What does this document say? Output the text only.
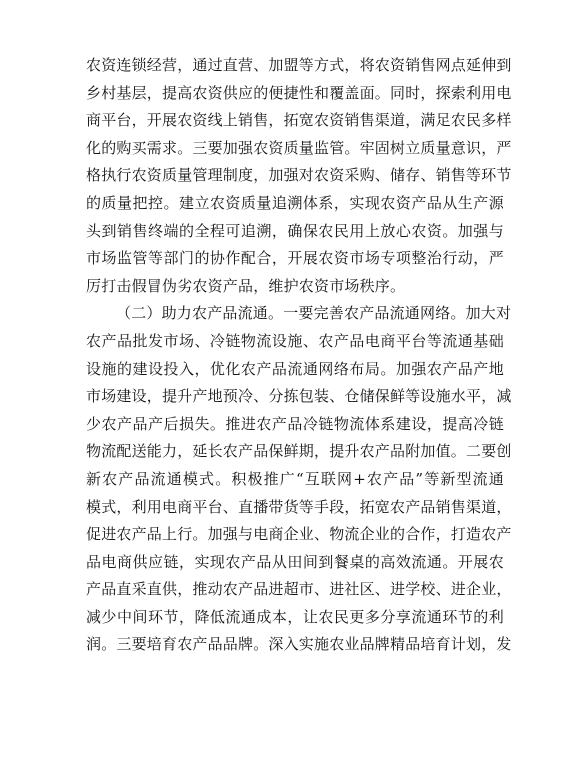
农资连锁经营，通过直营、加盟等方式，将农资销售网点延伸到
乡村基层，提高农资供应的便捷性和覆盖面。同时，探索利用电
商平台，开展农资线上销售，拓宽农资销售渠道，满足农民多样
化的购买需求。三要加强农资质量监管。牢固树立质量意识，严
格执行农资质量管理制度，加强对农资采购、储存、销售等环节
的质量把控。建立农资质量追溯体系，实现农资产品从生产源
头到销售终端的全程可追溯，确保农民用上放心农资。加强与
市场监管等部门的协作配合，开展农资市场专项整治行动，严
厉打击假冒伪劣农资产品，维护农资市场秩序。
（二）助力农产品流通。一要完善农产品流通网络。加大对
农产品批发市场、冷链物流设施、农产品电商平台等流通基础
设施的建设投入，优化农产品流通网络布局。加强农产品产地
市场建设，提升产地预冷、分拣包装、仓储保鲜等设施水平，减
少农产品产后损失。推进农产品冷链物流体系建设，提高冷链
物流配送能力，延长农产品保鲜期，提升农产品附加值。二要创
新农产品流通模式。积极推广“互联网+农产品”等新型流通
模式，利用电商平台、直播带货等手段，拓宽农产品销售渠道，
促进农产品上行。加强与电商企业、物流企业的合作，打造农产
品电商供应链，实现农产品从田间到餐桌的高效流通。开展农
产品直采直供，推动农产品进超市、进社区、进学校、进企业，
减少中间环节，降低流通成本，让农民更多分享流通环节的利
润。三要培育农产品品牌。深入实施农业品牌精品培育计划，发
